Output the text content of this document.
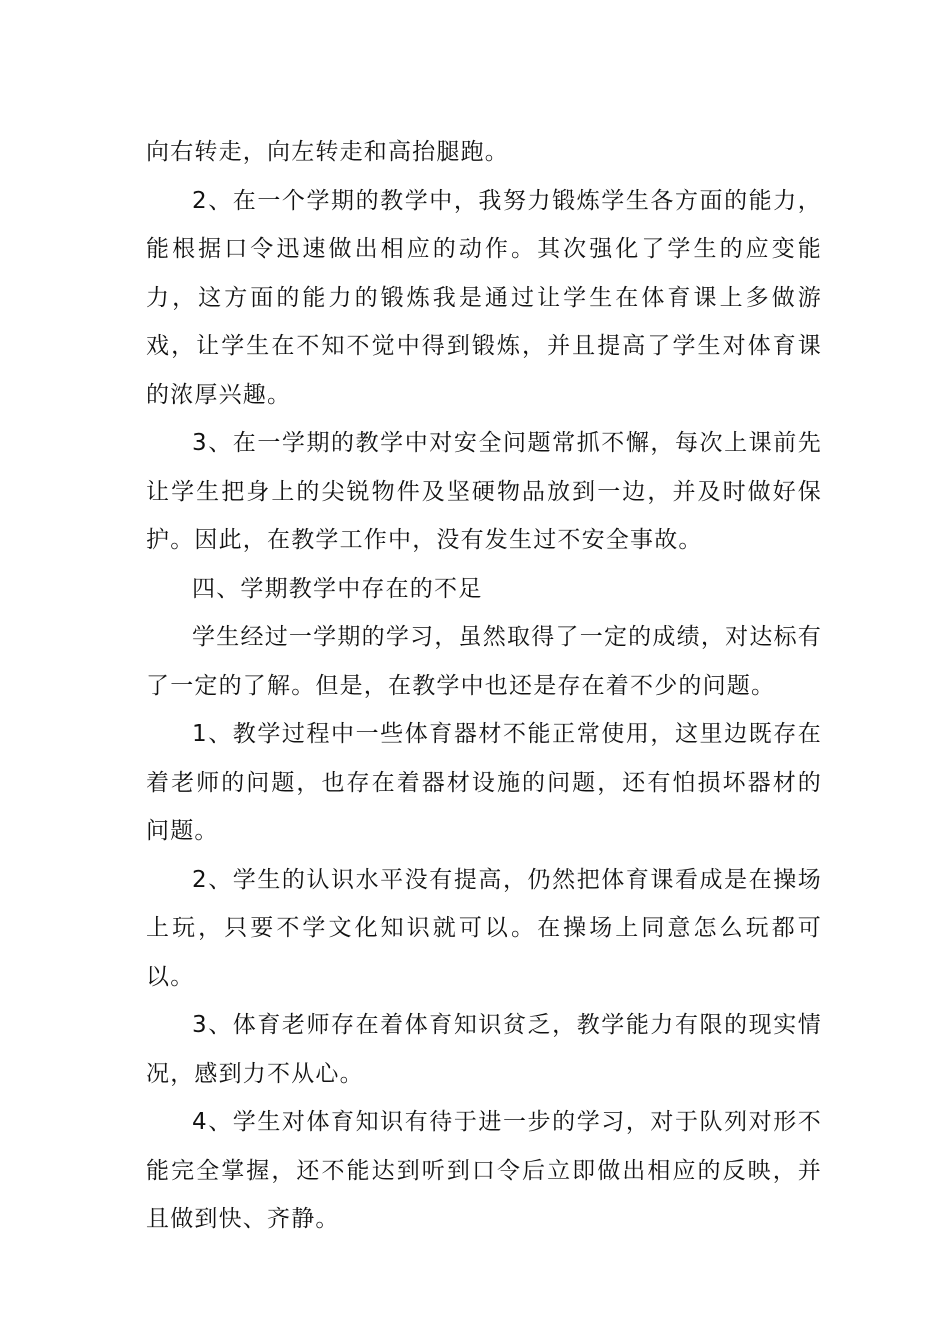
向右转走，向左转走和高抬腿跑。

2、在一个学期的教学中，我努力锻炼学生各方面的能力，能根据口令迅速做出相应的动作。其次强化了学生的应变能力，这方面的能力的锻炼我是通过让学生在体育课上多做游戏，让学生在不知不觉中得到锻炼，并且提高了学生对体育课的浓厚兴趣。

3、在一学期的教学中对安全问题常抓不懈，每次上课前先让学生把身上的尖锐物件及坚硬物品放到一边，并及时做好保护。因此，在教学工作中，没有发生过不安全事故。

四、学期教学中存在的不足

学生经过一学期的学习，虽然取得了一定的成绩，对达标有了一定的了解。但是，在教学中也还是存在着不少的问题。

1、教学过程中一些体育器材不能正常使用，这里边既存在着老师的问题，也存在着器材设施的问题，还有怕损坏器材的问题。

2、学生的认识水平没有提高，仍然把体育课看成是在操场上玩，只要不学文化知识就可以。在操场上同意怎么玩都可以。

3、体育老师存在着体育知识贫乏，教学能力有限的现实情况，感到力不从心。

4、学生对体育知识有待于进一步的学习，对于队列对形不能完全掌握，还不能达到听到口令后立即做出相应的反映，并且做到快、齐静。
